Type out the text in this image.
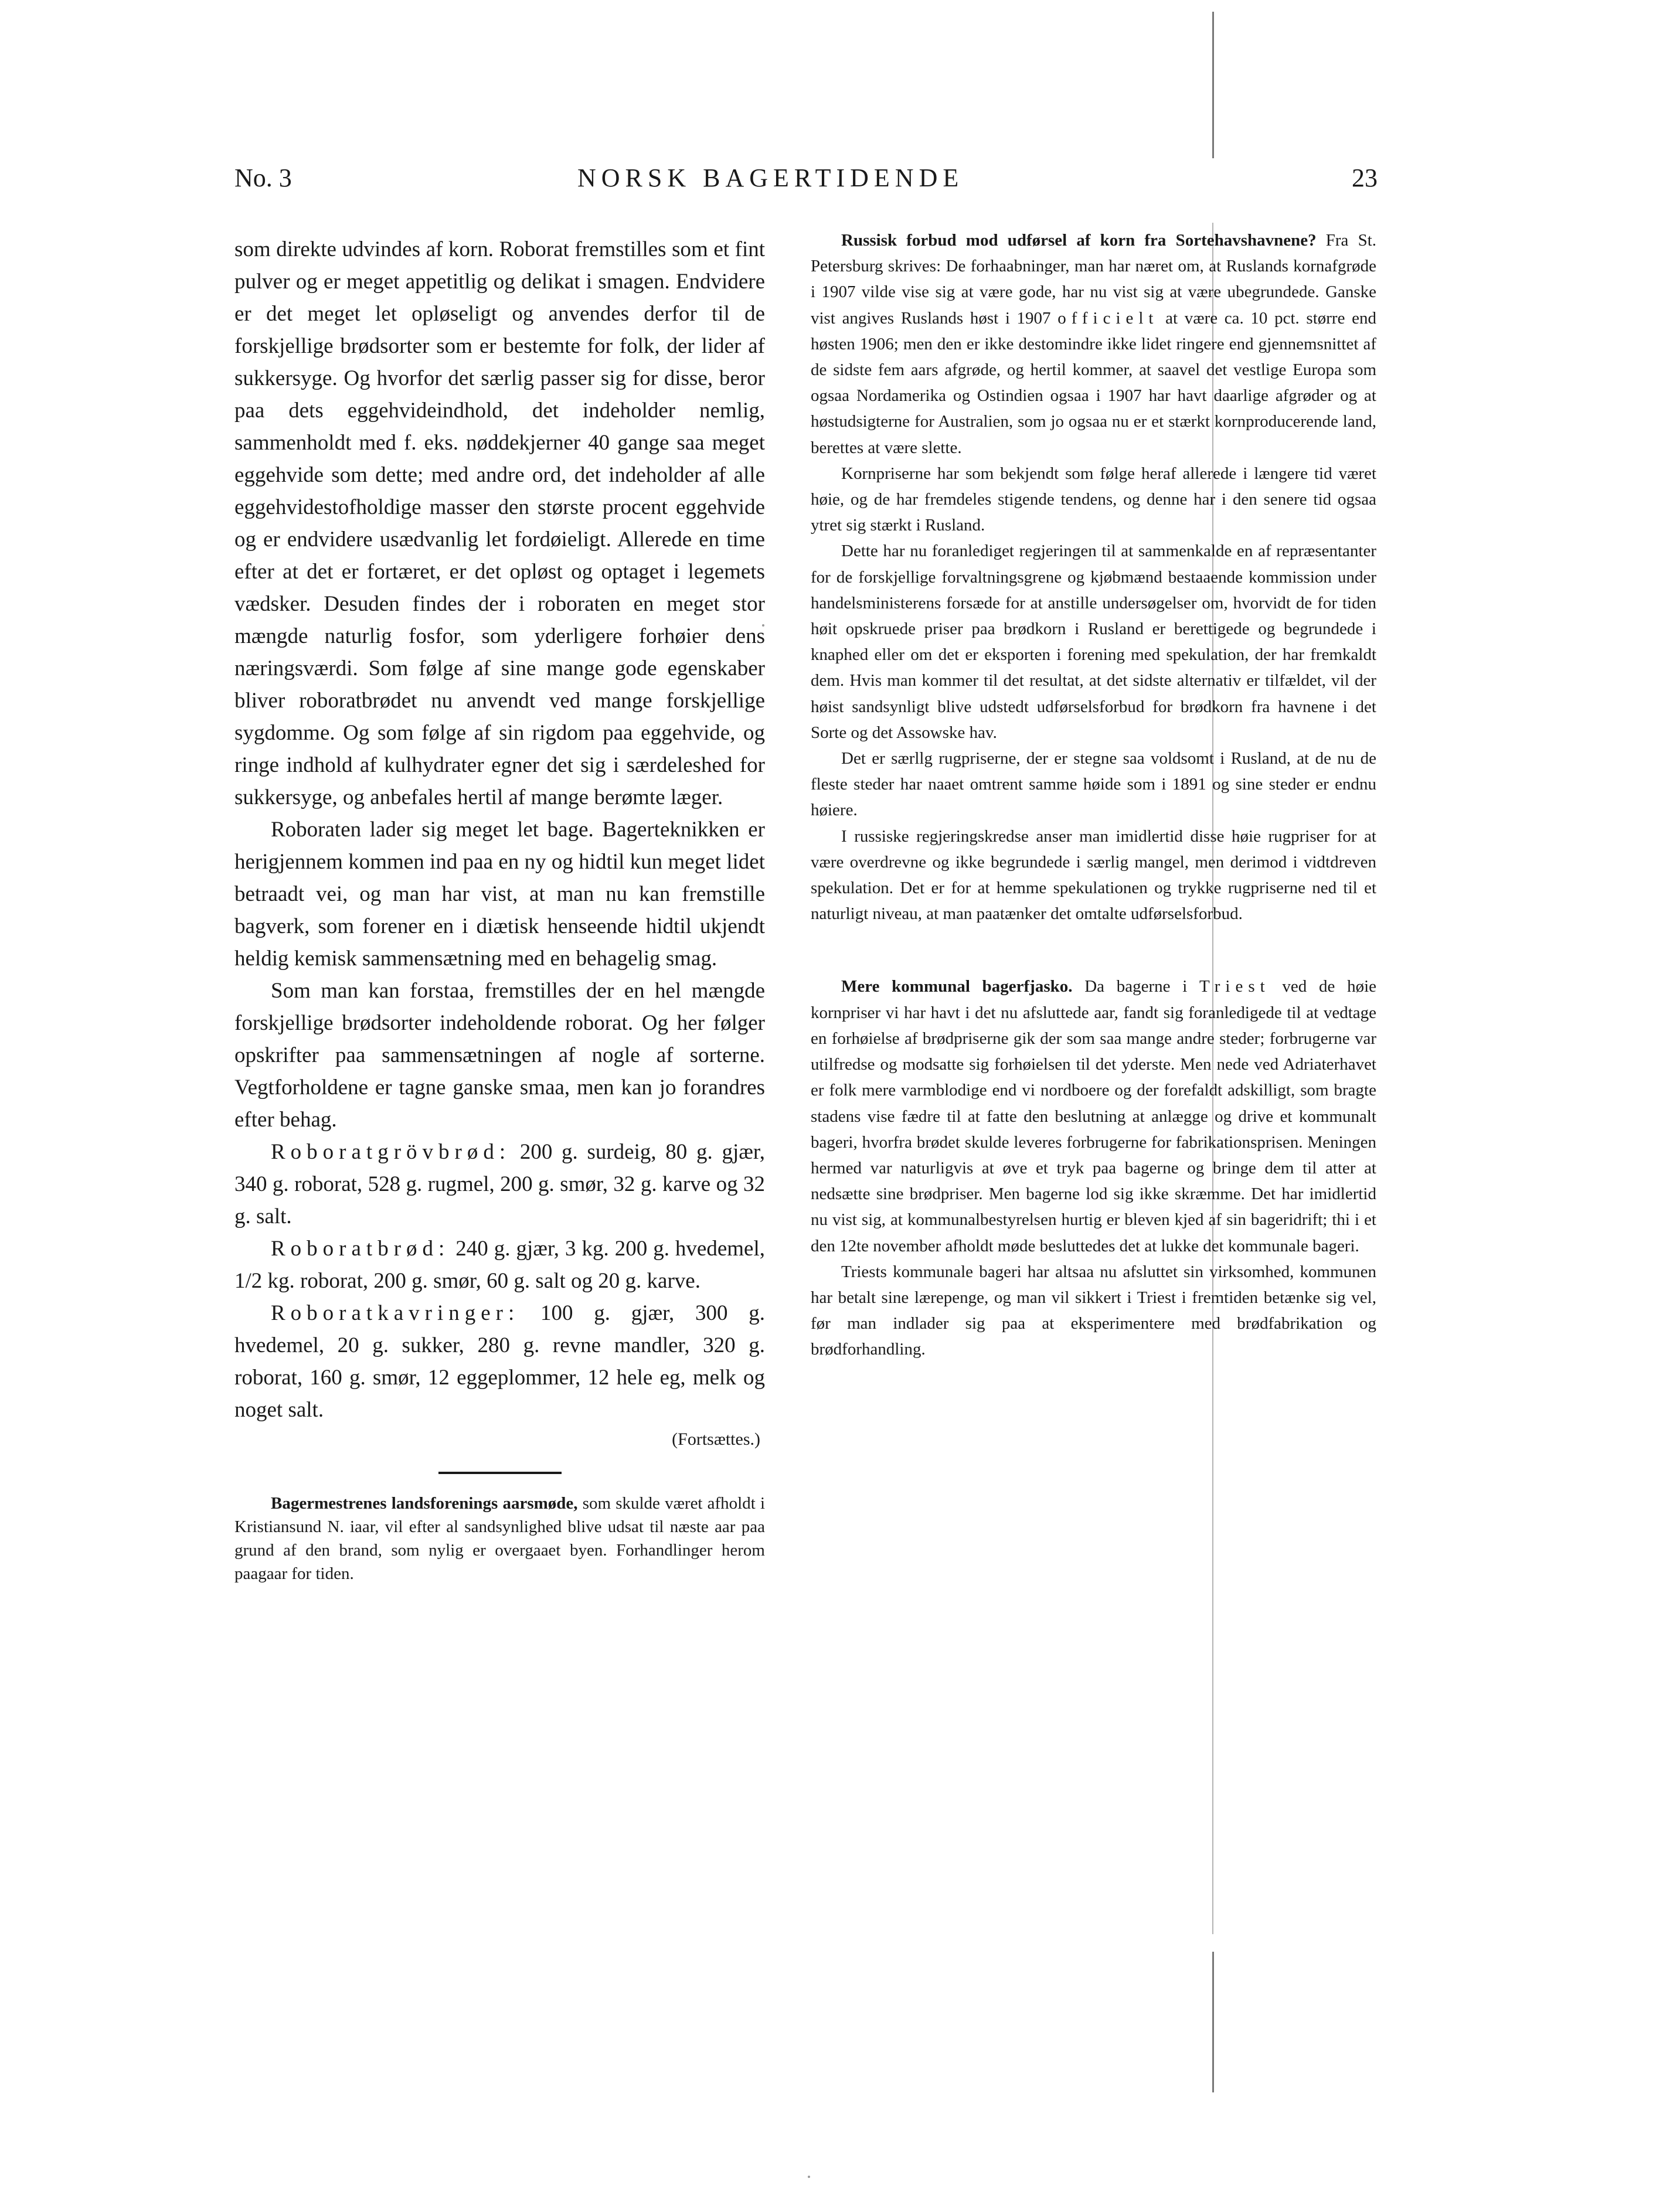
No. 3	NORSK BAGERTIDENDE	23

som direkte udvindes af korn. Roborat fremstilles som et fint pulver og er meget appetitlig og delikat i smagen. Endvidere er det meget let opløseligt og anvendes derfor til de forskjellige brødsorter som er bestemte for folk, der lider af sukkersyge. Og hvorfor det særlig passer sig for disse, beror paa dets eggehvideindhold, det indeholder nemlig, sammenholdt med f. eks. nøddekjerner 40 gange saa meget eggehvide som dette; med andre ord, det indeholder af alle eggehvidestofholdige masser den største procent eggehvide og er endvidere usædvanlig let fordøieligt. Allerede en time efter at det er fortæret, er det opløst og optaget i legemets vædsker. Desuden findes der i roboraten en meget stor mængde naturlig fosfor, som yderligere forhøier dens næringsværdi. Som følge af sine mange gode egenskaber bliver roboratbrødet nu anvendt ved mange forskjellige sygdomme. Og som følge af sin rigdom paa eggehvide, og ringe indhold af kulhydrater egner det sig i særdeleshed for sukkersyge, og anbefales hertil af mange berømte læger.

Roboraten lader sig meget let bage. Bagerteknikken er herigjennem kommen ind paa en ny og hidtil kun meget lidet betraadt vei, og man har vist, at man nu kan fremstille bagverk, som forener en i diætisk henseende hidtil ukjendt heldig kemisk sammensætning med en behagelig smag.

Som man kan forstaa, fremstilles der en hel mængde forskjellige brødsorter indeholdende roborat. Og her følger opskrifter paa sammensætningen af nogle af sorterne. Vegtforholdene er tagne ganske smaa, men kan jo forandres efter behag.

Roboratgrövbrød: 200 g. surdeig, 80 g. gjær, 340 g. roborat, 528 g. rugmel, 200 g. smør, 32 g. karve og 32 g. salt.

Roboratbrød: 240 g. gjær, 3 kg. 200 g. hvedemel, 1/2 kg. roborat, 200 g. smør, 60 g. salt og 20 g. karve.

Roboratkavringer: 100 g. gjær, 300 g. hvedemel, 20 g. sukker, 280 g. revne mandler, 320 g. roborat, 160 g. smør, 12 eggeplommer, 12 hele eg, melk og noget salt.

(Fortsættes.)

Bagermestrenes landsforenings aarsmøde, som skulde været afholdt i Kristiansund N. iaar, vil efter al sandsynlighed blive udsat til næste aar paa grund af den brand, som nylig er overgaaet byen. Forhandlinger herom paagaar for tiden.

Russisk forbud mod udførsel af korn fra Sortehavshavnene? Fra St. Petersburg skrives: De forhaabninger, man har næret om, at Ruslands kornafgrøde i 1907 vilde vise sig at være gode, har nu vist sig at være ubegrundede. Ganske vist angives Ruslands høst i 1907 officielt at være ca. 10 pct. større end høsten 1906; men den er ikke destomindre ikke lidet ringere end gjennemsnittet af de sidste fem aars afgrøde, og hertil kommer, at saavel det vestlige Europa som ogsaa Nordamerika og Ostindien ogsaa i 1907 har havt daarlige afgrøder og at høstudsigterne for Australien, som jo ogsaa nu er et stærkt kornproducerende land, berettes at være slette.

Kornpriserne har som bekjendt som følge heraf allerede i længere tid været høie, og de har fremdeles stigende tendens, og denne har i den senere tid ogsaa ytret sig stærkt i Rusland.

Dette har nu foranlediget regjeringen til at sammenkalde en af repræsentanter for de forskjellige forvaltningsgrene og kjøbmænd bestaaende kommission under handelsministerens forsæde for at anstille undersøgelser om, hvorvidt de for tiden høit opskruede priser paa brødkorn i Rusland er berettigede og begrundede i knaphed eller om det er eksporten i forening med spekulation, der har fremkaldt dem. Hvis man kommer til det resultat, at det sidste alternativ er tilfældet, vil der høist sandsynligt blive udstedt udførselsforbud for brødkorn fra havnene i det Sorte og det Assowske hav.

Det er særllg rugpriserne, der er stegne saa voldsomt i Rusland, at de nu de fleste steder har naaet omtrent samme høide som i 1891 og sine steder er endnu høiere.

I russiske regjeringskredse anser man imidlertid disse høie rugpriser for at være overdrevne og ikke begrundede i særlig mangel, men derimod i vidtdreven spekulation. Det er for at hemme spekulationen og trykke rugpriserne ned til et naturligt niveau, at man paatænker det omtalte udførselsforbud.

Mere kommunal bagerfjasko. Da bagerne i Triest ved de høie kornpriser vi har havt i det nu afsluttede aar, fandt sig foranledigede til at vedtage en forhøielse af brødpriserne gik der som saa mange andre steder; forbrugerne var utilfredse og modsatte sig forhøielsen til det yderste. Men nede ved Adriaterhavet er folk mere varmblodige end vi nordboere og der forefaldt adskilligt, som bragte stadens vise fædre til at fatte den beslutning at anlægge og drive et kommunalt bageri, hvorfra brødet skulde leveres forbrugerne for fabrikationsprisen. Meningen hermed var naturligvis at øve et tryk paa bagerne og bringe dem til atter at nedsætte sine brødpriser. Men bagerne lod sig ikke skræmme. Det har imidlertid nu vist sig, at kommunalbestyrelsen hurtig er bleven kjed af sin bageridrift; thi i et den 12te november afholdt møde besluttedes det at lukke det kommunale bageri.

Triests kommunale bageri har altsaa nu afsluttet sin virksomhed, kommunen har betalt sine lærepenge, og man vil sikkert i Triest i fremtiden betænke sig vel, før man indlader sig paa at eksperimentere med brødfabrikation og brødforhandling.
